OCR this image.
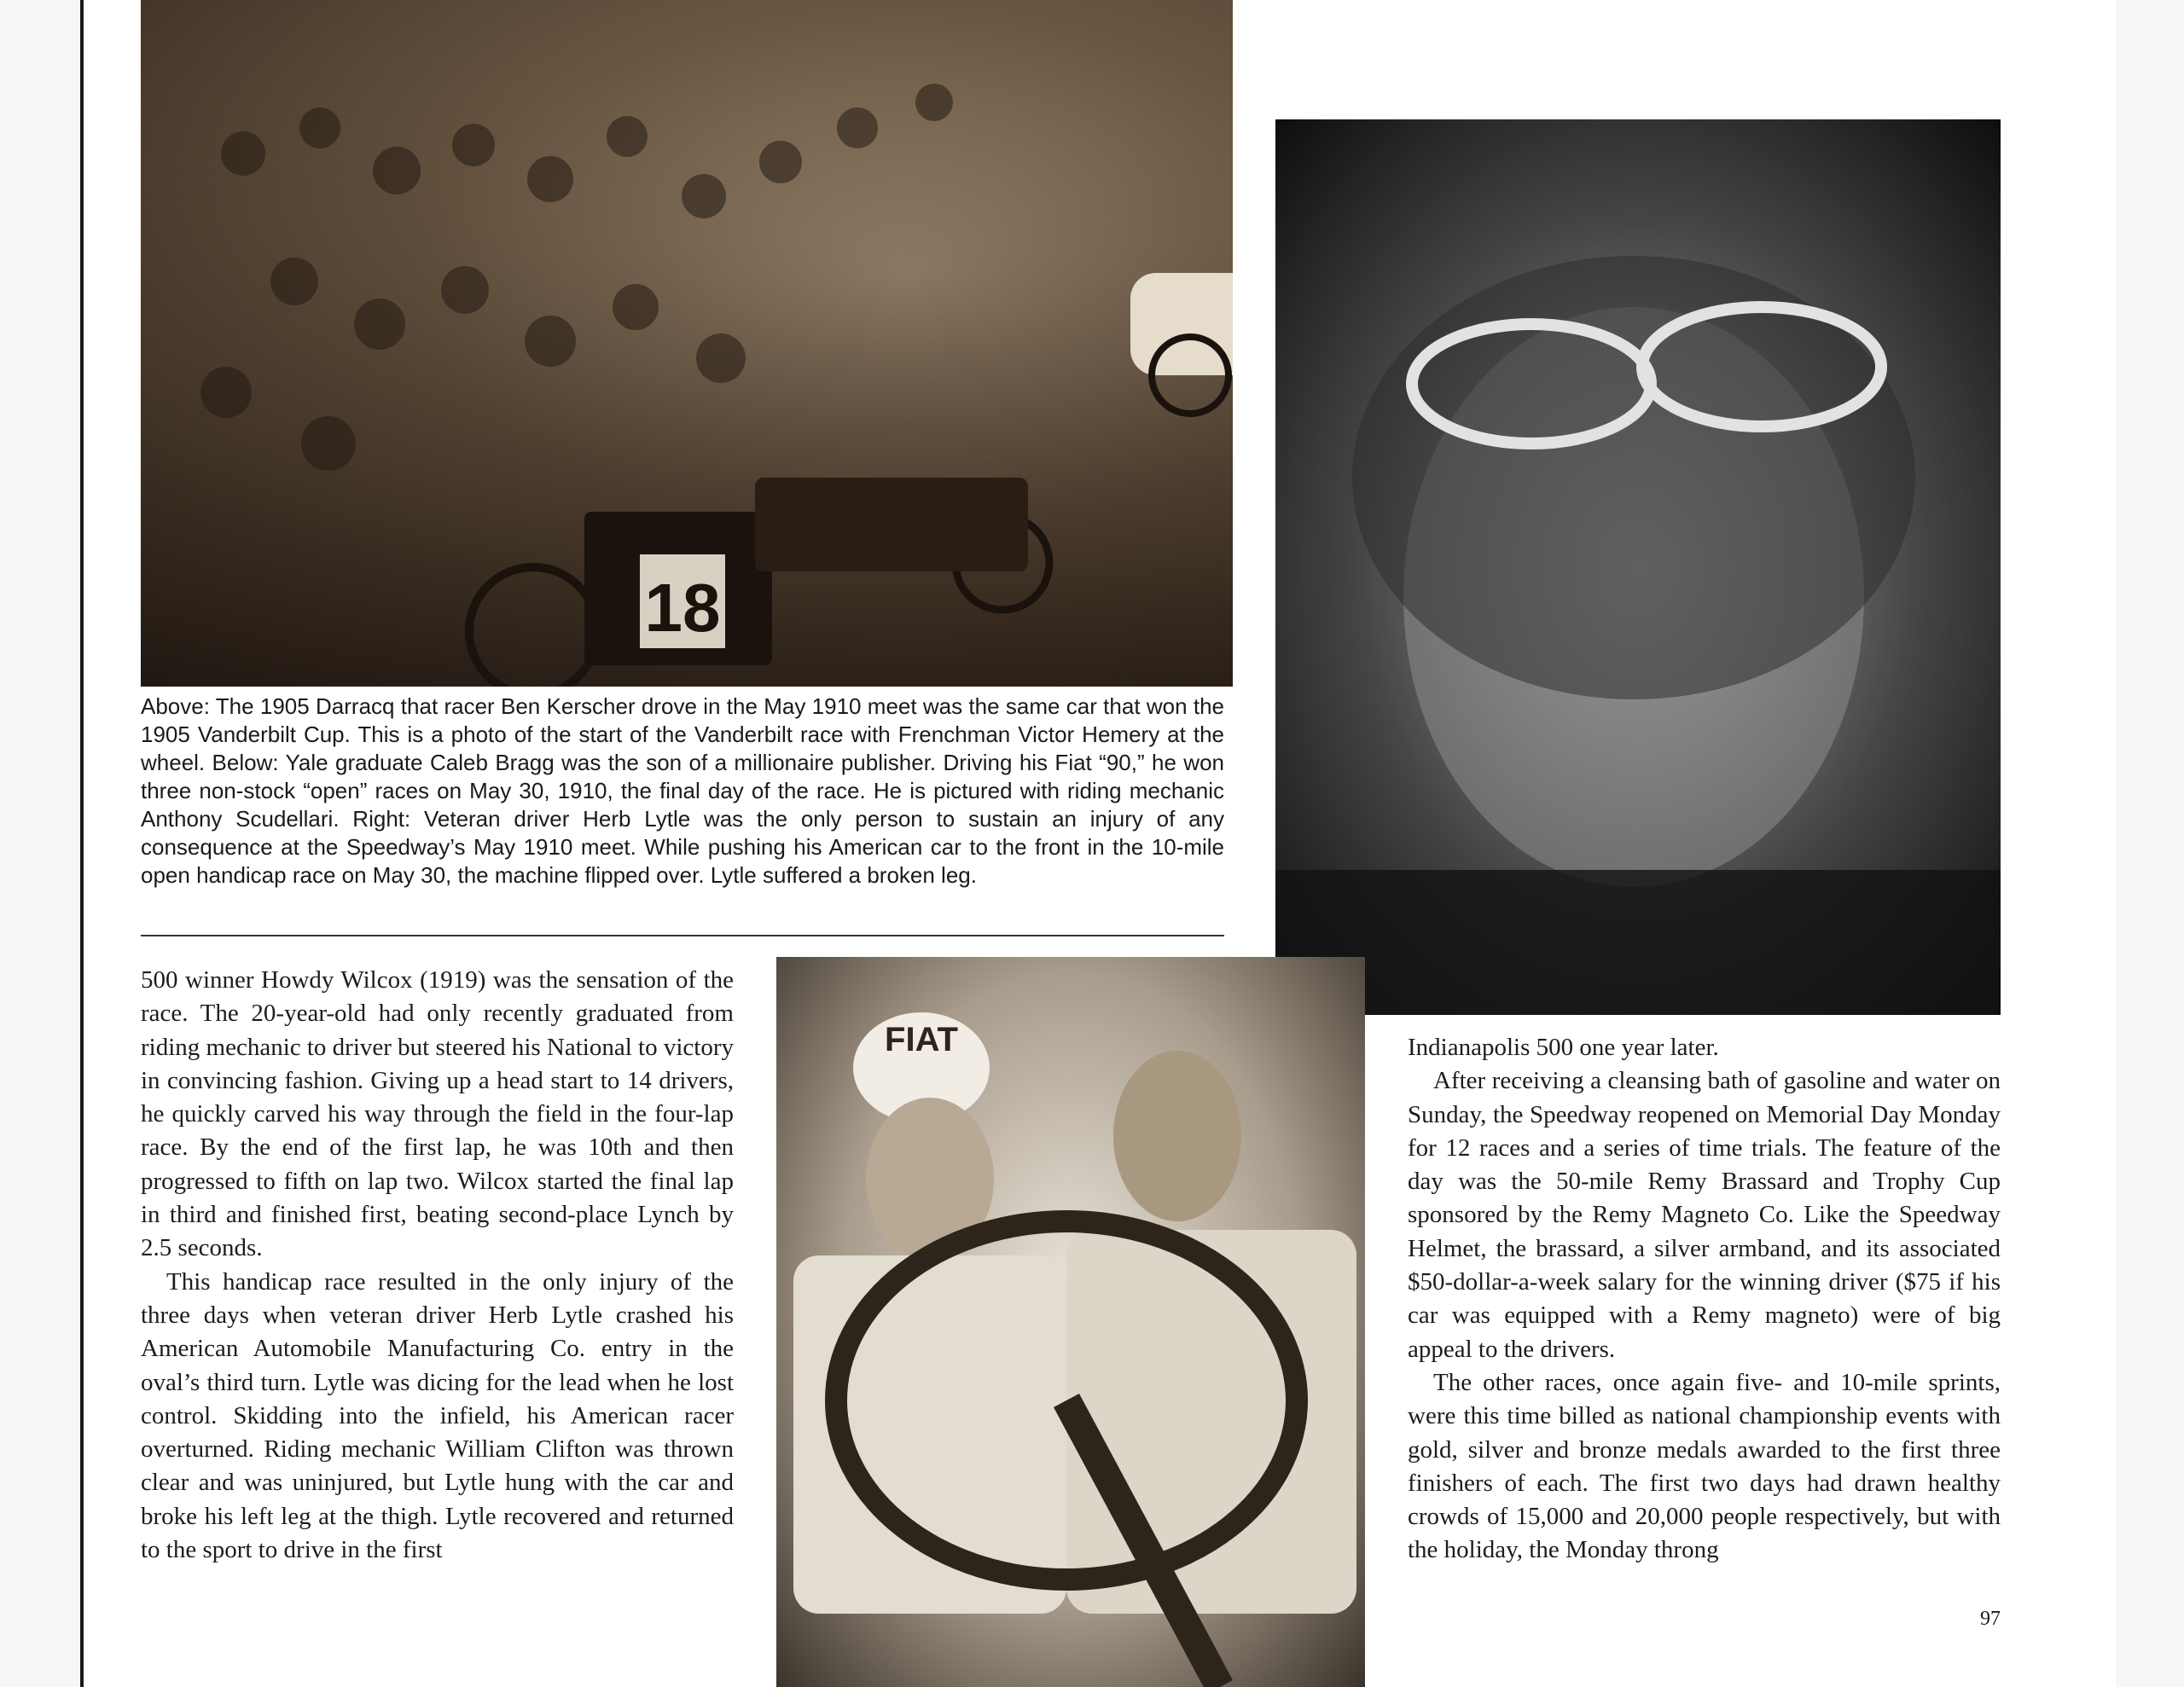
18
FIAT
Above: The 1905 Darracq that racer Ben Kerscher drove in the May 1910 meet was the same car that won the 1905 Vanderbilt Cup. This is a photo of the start of the Vanderbilt race with Frenchman Victor Hemery at the wheel. Below: Yale graduate Caleb Bragg was the son of a millionaire publisher. Driving his Fiat “90,” he won three non-stock “open” races on May 30, 1910, the final day of the race. He is pictured with riding mechanic Anthony Scudellari. Right: Veteran driver Herb Lytle was the only person to sustain an injury of any consequence at the Speedway’s May 1910 meet. While pushing his American car to the front in the 10-mile open handicap race on May 30, the machine flipped over. Lytle suffered a broken leg.

500 winner Howdy Wilcox (1919) was the sensation of the race. The 20-year-old had only recently graduated from riding mechanic to driver but steered his National to victory in convincing fashion. Giving up a head start to 14 drivers, he quickly carved his way through the field in the four-lap race. By the end of the first lap, he was 10th and then progressed to fifth on lap two. Wilcox started the final lap in third and finished first, beating second-place Lynch by 2.5 seconds.

This handicap race resulted in the only injury of the three days when veteran driver Herb Lytle crashed his American Automobile Manufacturing Co. entry in the oval’s third turn. Lytle was dicing for the lead when he lost control. Skidding into the infield, his American racer overturned. Riding mechanic William Clifton was thrown clear and was uninjured, but Lytle hung with the car and broke his left leg at the thigh. Lytle recovered and returned to the sport to drive in the first

Indianapolis 500 one year later.

After receiving a cleansing bath of gasoline and water on Sunday, the Speedway reopened on Memorial Day Monday for 12 races and a series of time trials. The feature of the day was the 50-mile Remy Brassard and Trophy Cup sponsored by the Remy Magneto Co. Like the Speedway Helmet, the brassard, a silver armband, and its associated $50-dollar-a-week salary for the winning driver ($75 if his car was equipped with a Remy magneto) were of big appeal to the drivers.

The other races, once again five- and 10-mile sprints, were this time billed as national championship events with gold, silver and bronze medals awarded to the first three finishers of each. The first two days had drawn healthy crowds of 15,000 and 20,000 people respectively, but with the holiday, the Monday throng

97
